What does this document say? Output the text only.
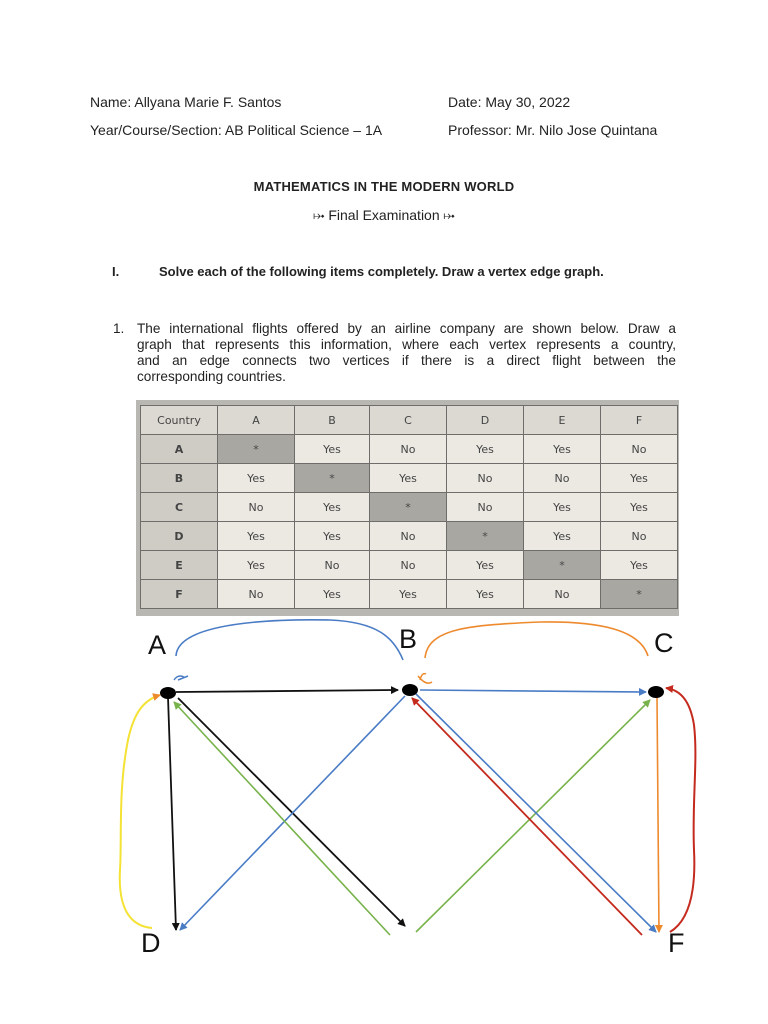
Name: Allyana Marie F. Santos	Date: May 30, 2022
Year/Course/Section: AB Political Science – 1A	Professor: Mr. Nilo Jose Quintana
MATHEMATICS IN THE MODERN WORLD
⤠ Final Examination ⤠
I.	Solve each of the following items completely. Draw a vertex edge graph.
1. The international flights offered by an airline company are shown below. Draw a
graph that represents this information, where each vertex represents a country,
and an edge connects two vertices if there is a direct flight between the
corresponding countries.
Country	A	B	C	D	E	F
A	*	Yes	No	Yes	Yes	No
B	Yes	*	Yes	No	No	Yes
C	No	Yes	*	No	Yes	Yes
D	Yes	Yes	No	*	Yes	No
E	Yes	No	No	Yes	*	Yes
F	No	Yes	Yes	Yes	No	*
A	B	C
D	F
